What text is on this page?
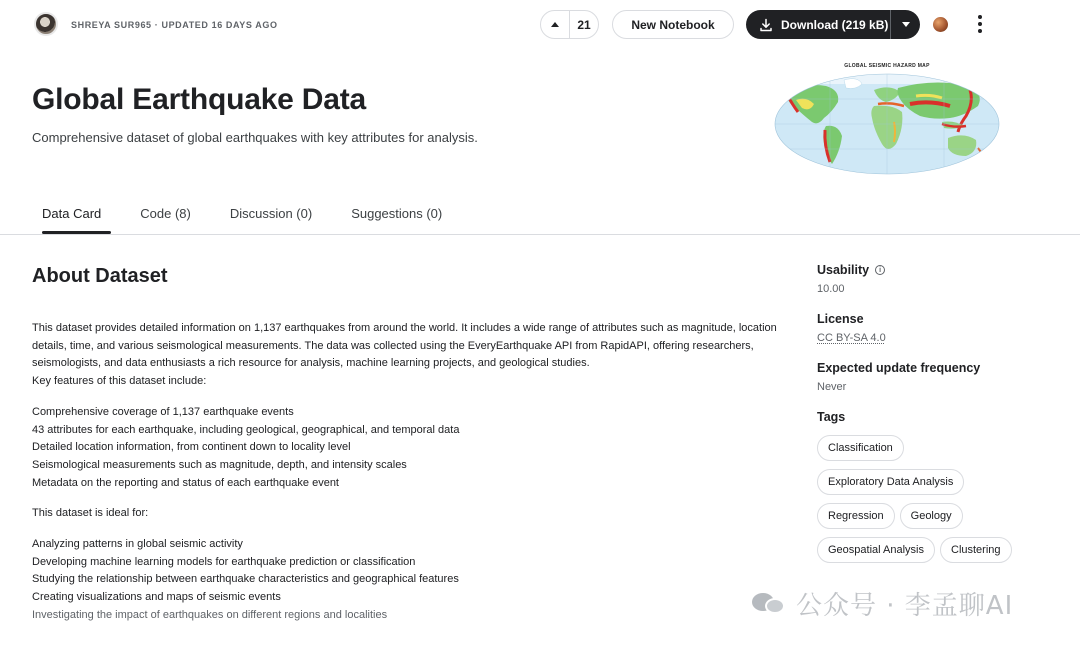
SHREYA SUR965 · UPDATED 16 DAYS AGO	21	New Notebook	Download (219 kB)
Global Earthquake Data
Comprehensive dataset of global earthquakes with key attributes for analysis.
GLOBAL SEISMIC HAZARD MAP
Data Card	Code (8)	Discussion (0)	Suggestions (0)
About Dataset

This dataset provides detailed information on 1,137 earthquakes from around the world. It includes a wide range of attributes such as magnitude, location details, time, and various seismological measurements. The data was collected using the EveryEarthquake API from RapidAPI, offering researchers, seismologists, and data enthusiasts a rich resource for analysis, machine learning projects, and geological studies.

Key features of this dataset include:

Comprehensive coverage of 1,137 earthquake events

43 attributes for each earthquake, including geological, geographical, and temporal data

Detailed location information, from continent down to locality level

Seismological measurements such as magnitude, depth, and intensity scales

Metadata on the reporting and status of each earthquake event

This dataset is ideal for:

Analyzing patterns in global seismic activity

Developing machine learning models for earthquake prediction or classification

Studying the relationship between earthquake characteristics and geographical features

Creating visualizations and maps of seismic events

Investigating the impact of earthquakes on different regions and localities

Usability	i
10.00
License
CC BY-SA 4.0
Expected update frequency
Never
Tags
Classification
Exploratory Data Analysis
Regression	Geology
Geospatial Analysis	Clustering
公众号 · 李孟聊AI
